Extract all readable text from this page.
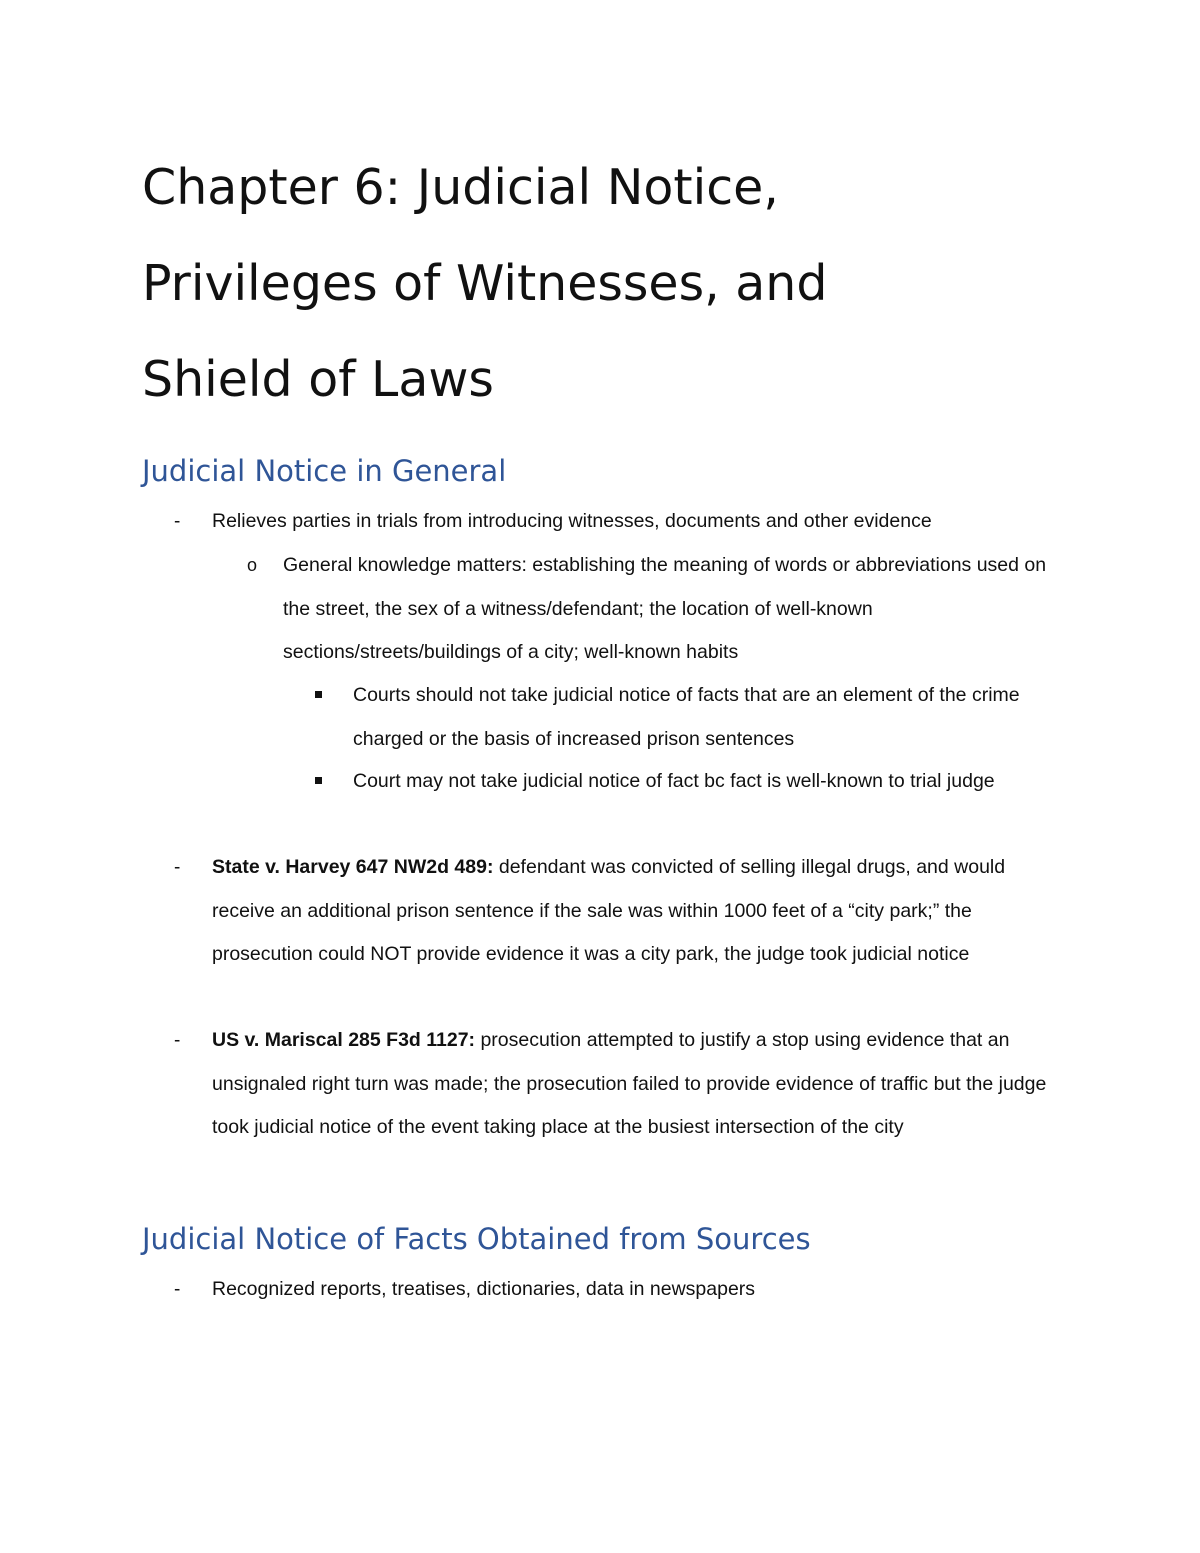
Chapter 6: Judicial Notice,
Privileges of Witnesses, and
Shield of Laws
Judicial Notice in General
- Relieves parties in trials from introducing witnesses, documents and other evidence
o General knowledge matters: establishing the meaning of words or abbreviations used on the street, the sex of a witness/defendant; the location of well-known sections/streets/buildings of a city; well-known habits
Courts should not take judicial notice of facts that are an element of the crime charged or the basis of increased prison sentences
Court may not take judicial notice of fact bc fact is well-known to trial judge
- State v. Harvey 647 NW2d 489: defendant was convicted of selling illegal drugs, and would receive an additional prison sentence if the sale was within 1000 feet of a “city park;” the prosecution could NOT provide evidence it was a city park, the judge took judicial notice
- US v. Mariscal 285 F3d 1127: prosecution attempted to justify a stop using evidence that an unsignaled right turn was made; the prosecution failed to provide evidence of traffic but the judge took judicial notice of the event taking place at the busiest intersection of the city
Judicial Notice of Facts Obtained from Sources
- Recognized reports, treatises, dictionaries, data in newspapers
